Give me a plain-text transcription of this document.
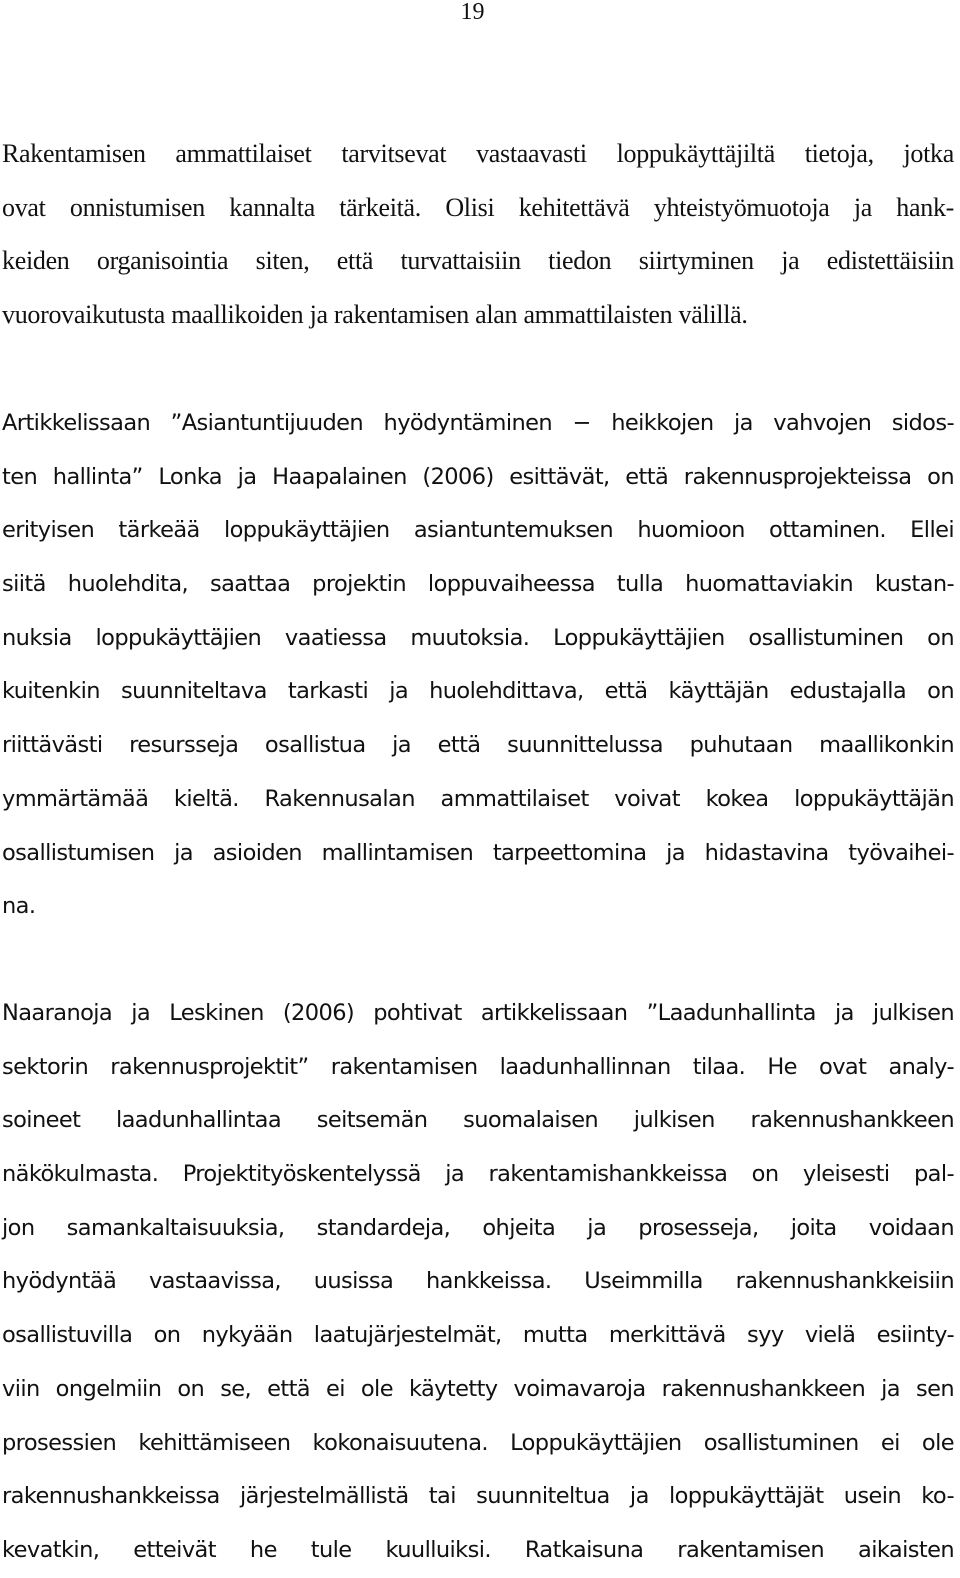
19
Rakentamisen ammattilaiset tarvitsevat vastaavasti loppukäyttäjiltä tietoja, jotka
ovat onnistumisen kannalta tärkeitä. Olisi kehitettävä yhteistyömuotoja ja hank-
keiden organisointia siten, että turvattaisiin tiedon siirtyminen ja edistettäisiin
vuorovaikutusta maallikoiden ja rakentamisen alan ammattilaisten välillä.
Artikkelissaan ”Asiantuntijuuden hyödyntäminen − heikkojen ja vahvojen sidos-
ten hallinta” Lonka ja Haapalainen (2006) esittävät, että rakennusprojekteissa on
erityisen tärkeää loppukäyttäjien asiantuntemuksen huomioon ottaminen. Ellei
siitä huolehdita, saattaa projektin loppuvaiheessa tulla huomattaviakin kustan-
nuksia loppukäyttäjien vaatiessa muutoksia. Loppukäyttäjien osallistuminen on
kuitenkin suunniteltava tarkasti ja huolehdittava, että käyttäjän edustajalla on
riittävästi resursseja osallistua ja että suunnittelussa puhutaan maallikonkin
ymmärtämää kieltä. Rakennusalan ammattilaiset voivat kokea loppukäyttäjän
osallistumisen ja asioiden mallintamisen tarpeettomina ja hidastavina työvaihei-
na.
Naaranoja ja Leskinen (2006) pohtivat artikkelissaan ”Laadunhallinta ja julkisen
sektorin rakennusprojektit” rakentamisen laadunhallinnan tilaa. He ovat analy-
soineet laadunhallintaa seitsemän suomalaisen julkisen rakennushankkeen
näkökulmasta. Projektityöskentelyssä ja rakentamishankkeissa on yleisesti pal-
jon samankaltaisuuksia, standardeja, ohjeita ja prosesseja, joita voidaan
hyödyntää vastaavissa, uusissa hankkeissa. Useimmilla rakennushankkeisiin
osallistuvilla on nykyään laatujärjestelmät, mutta merkittävä syy vielä esiinty-
viin ongelmiin on se, että ei ole käytetty voimavaroja rakennushankkeen ja sen
prosessien kehittämiseen kokonaisuutena. Loppukäyttäjien osallistuminen ei ole
rakennushankkeissa järjestelmällistä tai suunniteltua ja loppukäyttäjät usein ko-
kevatkin, etteivät he tule kuulluiksi. Ratkaisuna rakentamisen aikaisten
